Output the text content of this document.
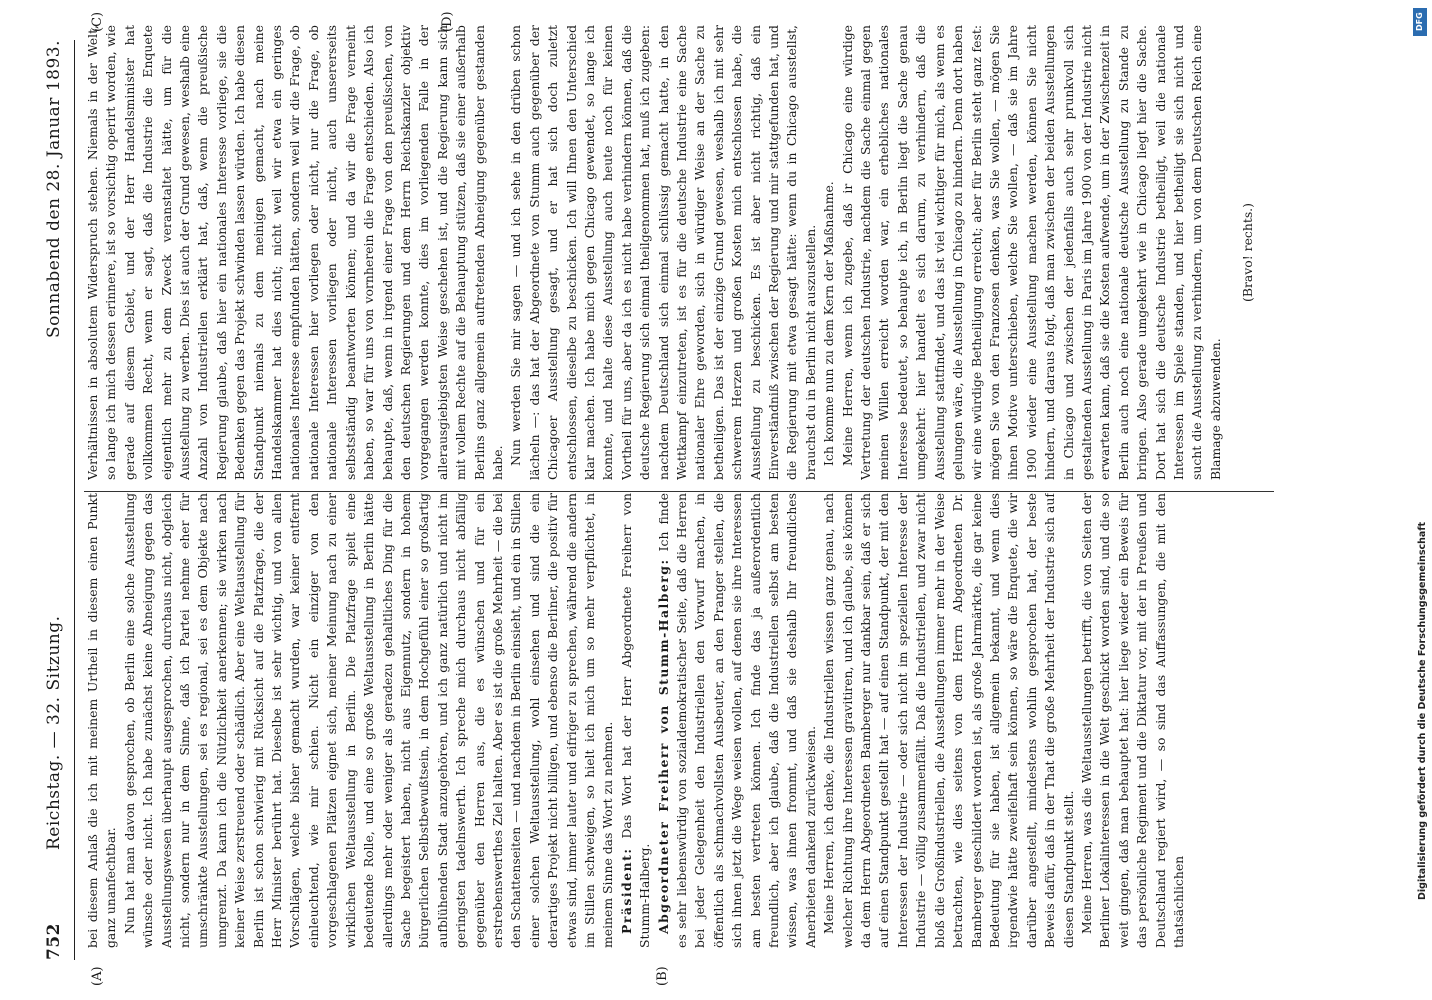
752
Reichstag. — 32. Sitzung.
Sonnabend den 28. Januar 1893.
(A)	(B)
(C)	(D)

bei diesem Anlaß die ich mit meinem Urtheil in diesem einen Punkt ganz unanfechtbar. Nun hat man davon gesprochen, ob Berlin eine solche Ausstellung wünsche oder nicht. Ich habe zunächst keine Abneigung gegen das Ausstellungswesen überhaupt ausgesprochen, durchaus nicht, obgleich nicht, sondern nur in dem Sinne, daß ich Partei nehme eher für umschränkte Ausstellungen, sei es regional, sei es dem Objekte nach umgrenzt. Da kann ich die Nützlichkeit anerkennen; sie wirken nach keiner Weise zerstreuend oder schädlich. Aber eine Weltausstellung für Berlin ist schon schwierig mit Rücksicht auf die Platzfrage, die der Herr Minister berührt hat. Dieselbe ist sehr wichtig, und von allen Vorschlägen, welche bisher gemacht wurden, war keiner entfernt einleuchtend, wie mir schien. Nicht ein einziger von den vorgeschlagenen Plätzen eignet sich, meiner Meinung nach zu einer wirklichen Weltausstellung in Berlin. Die Platzfrage spielt eine bedeutende Rolle, und eine so große Weltausstellung in Berlin hätte allerdings mehr oder weniger als geradezu gehaltliches Ding für die Sache begeistert haben, nicht aus Eigennutz, sondern in hohem bürgerlichen Selbstbewußtsein, in dem Hochgefühl einer so großartig aufblühenden Stadt anzugehören, und ich ganz natürlich und nicht im geringsten tadelnswerth. Ich spreche mich durchaus nicht abfällig gegenüber den Herren aus, die es wünschen und für ein erstrebenswerthes Ziel halten. Aber es ist die große Mehrheit — die bei den Schattenseiten — und nachdem in Berlin einsieht, und ein in Stillen einer solchen Weltausstellung, wohl einsehen und sind die ein derartiges Projekt nicht billigen, und ebenso die Berliner, die positiv für etwas sind, immer lauter und eifriger zu sprechen, während die andern im Stillen schweigen, so hielt ich mich um so mehr verpflichtet, in meinem Sinne das Wort zu nehmen. Präsident: Das Wort hat der Herr Abgeordnete Freiherr von Stumm-Halberg. Abgeordneter Freiherr von Stumm-Halberg: Ich finde es sehr liebenswürdig von sozialdemokratischer Seite, daß die Herren bei jeder Gelegenheit den Industriellen den Vorwurf machen, in öffentlich als schmachvollsten Ausbeuter, an den Pranger stellen, die sich ihnen jetzt die Wege weisen wollen, auf denen sie ihre Interessen am besten vertreten können. Ich finde das ja außerordentlich freundlich, aber ich glaube, daß die Industriellen selbst am besten wissen, was ihnen frommt, und daß sie deshalb Ihr freundliches Anerbieten dankend zurückweisen. Meine Herren, ich denke, die Industriellen wissen ganz genau, nach welcher Richtung ihre Interessen gravitiren, und ich glaube, sie können da dem Herrn Abgeordneten Bamberger nur dankbar sein, daß er sich auf einen Standpunkt gestellt hat — auf einen Standpunkt, der mit den Interessen der Industrie — oder sich nicht im speziellen Interesse der Industrie — völlig zusammenfällt. Daß die Industriellen, und zwar nicht bloß die Großindustriellen, die Ausstellungen immer mehr in der Weise betrachten, wie dies seitens von dem Herrn Abgeordneten Dr. Bamberger geschildert worden ist, als große Jahrmärkte, die gar keine Bedeutung für sie haben, ist allgemein bekannt, und wenn dies irgendwie hätte zweifelhaft sein können, so wäre die Enquete, die wir darüber angestellt, mindestens wohlin gesprochen hat, der beste Beweis dafür, daß in der That die große Mehrheit der Industrie sich auf diesen Standpunkt stellt. Meine Herren, was die Weltausstellungen betrifft, die von Seiten der Berliner Lokalinteressen in die Welt geschickt worden sind, und die so weit gingen, daß man behauptet hat: hier liege wieder ein Beweis für das persönliche Regiment und die Diktatur vor, mit der in Preußen und Deutschland regiert wird, — so sind das Auffassungen, die mit den thatsächlichen

Verhältnissen in absolutem Widerspruch stehen. Niemals in der Welt, so lange ich mich dessen erinnere, ist so vorsichtig operirt worden, wie gerade auf diesem Gebiet, und der Herr Handelsminister hat vollkommen Recht, wenn er sagt, daß die Industrie die Enquete eigentlich mehr zu dem Zweck veranstaltet hätte, um für die Ausstellung zu werben. Dies ist auch der Grund gewesen, weshalb eine Anzahl von Industriellen erklärt hat, daß, wenn die preußische Regierung glaube, daß hier ein nationales Interesse vorliege, sie die Bedenken gegen das Projekt schwinden lassen würden. Ich habe diesen Standpunkt niemals zu dem meinigen gemacht, nach meine Handelskammer hat dies nicht; nicht weil wir etwa ein geringes nationales Interesse empfunden hätten, sondern weil wir die Frage, ob nationale Interessen hier vorliegen oder nicht, nur die Frage, ob nationale Interessen vorliegen oder nicht, auch unsererseits selbstständig beantworten können; und da wir die Frage verneint haben, so war für uns von vornherein die Frage entschieden. Also ich behaupte, daß, wenn in irgend einer Frage von den preußischen, von den deutschen Regierungen und dem Herrn Reichskanzler objektiv vorgegangen werden konnte, dies im vorliegenden Falle in der allerausgiebigsten Weise geschehen ist, und die Regierung kann sich mit vollem Rechte auf die Behauptung stützen, daß sie einer außerhalb Berlins ganz allgemein auftretenden Abneigung gegenüber gestanden habe. Nun werden Sie mir sagen — und ich sehe in den drüben schon lächeln —: das hat der Abgeordnete von Stumm auch gegenüber der Chicagoer Ausstellung gesagt, und er hat sich doch zuletzt entschlossen, dieselbe zu beschicken. Ich will Ihnen den Unterschied klar machen. Ich habe mich gegen Chicago gewendet, so lange ich konnte, und halte diese Ausstellung auch heute noch für keinen Vortheil für uns, aber da ich es nicht habe verhindern können, daß die deutsche Regierung sich einmal theilgenommen hat, muß ich zugeben: nachdem Deutschland sich einmal schlüssig gemacht hatte, in den Wettkampf einzutreten, ist es für die deutsche Industrie eine Sache nationaler Ehre geworden, sich in würdiger Weise an der Sache zu betheiligen. Das ist der einzige Grund gewesen, weshalb ich mit sehr schwerem Herzen und großen Kosten mich entschlossen habe, die Ausstellung zu beschicken. Es ist aber nicht richtig, daß ein Einverständniß zwischen der Regierung und mir stattgefunden hat, und die Regierung mit etwa gesagt hätte: wenn du in Chicago ausstellst, brauchst du in Berlin nicht auszustellen. Ich komme nun zu dem Kern der Maßnahme. Meine Herren, wenn ich zugebe, daß ir Chicago eine würdige Vertretung der deutschen Industrie, nachdem die Sache einmal gegen meinen Willen erreicht worden war, ein erhebliches nationales Interesse bedeutet, so behaupte ich, in Berlin liegt die Sache genau umgekehrt: hier handelt es sich darum, zu verhindern, daß die Ausstellung stattfindet, und das ist viel wichtiger für mich, als wenn es gelungen wäre, die Ausstellung in Chicago zu hindern. Denn dort haben wir eine würdige Betheiligung erreicht; aber für Berlin steht ganz fest: mögen Sie von den Franzosen denken, was Sie wollen, — mögen Sie ihnen Motive unterschieben, welche Sie wollen, — daß sie im Jahre 1900 wieder eine Ausstellung machen werden, können Sie nicht hindern, und daraus folgt, daß man zwischen der beiden Ausstellungen in Chicago und zwischen der jedenfalls auch sehr prunkvoll sich gestaltenden Ausstellung in Paris im Jahre 1900 von der Industrie nicht erwarten kann, daß sie die Kosten aufwende, um in der Zwischenzeit in Berlin auch noch eine nationale deutsche Ausstellung zu Stande zu bringen. Also gerade umgekehrt wie in Chicago liegt hier die Sache. Dort hat sich die deutsche Industrie betheiligt, weil die nationale Interessen im Spiele standen, und hier betheiligt sie sich nicht und sucht die Ausstellung zu verhindern, um von dem Deutschen Reich eine Blamage abzuwenden.

(Bravo! rechts.)

DFG
Digitalisierung gefördert durch die Deutsche Forschungsgemeinschaft
